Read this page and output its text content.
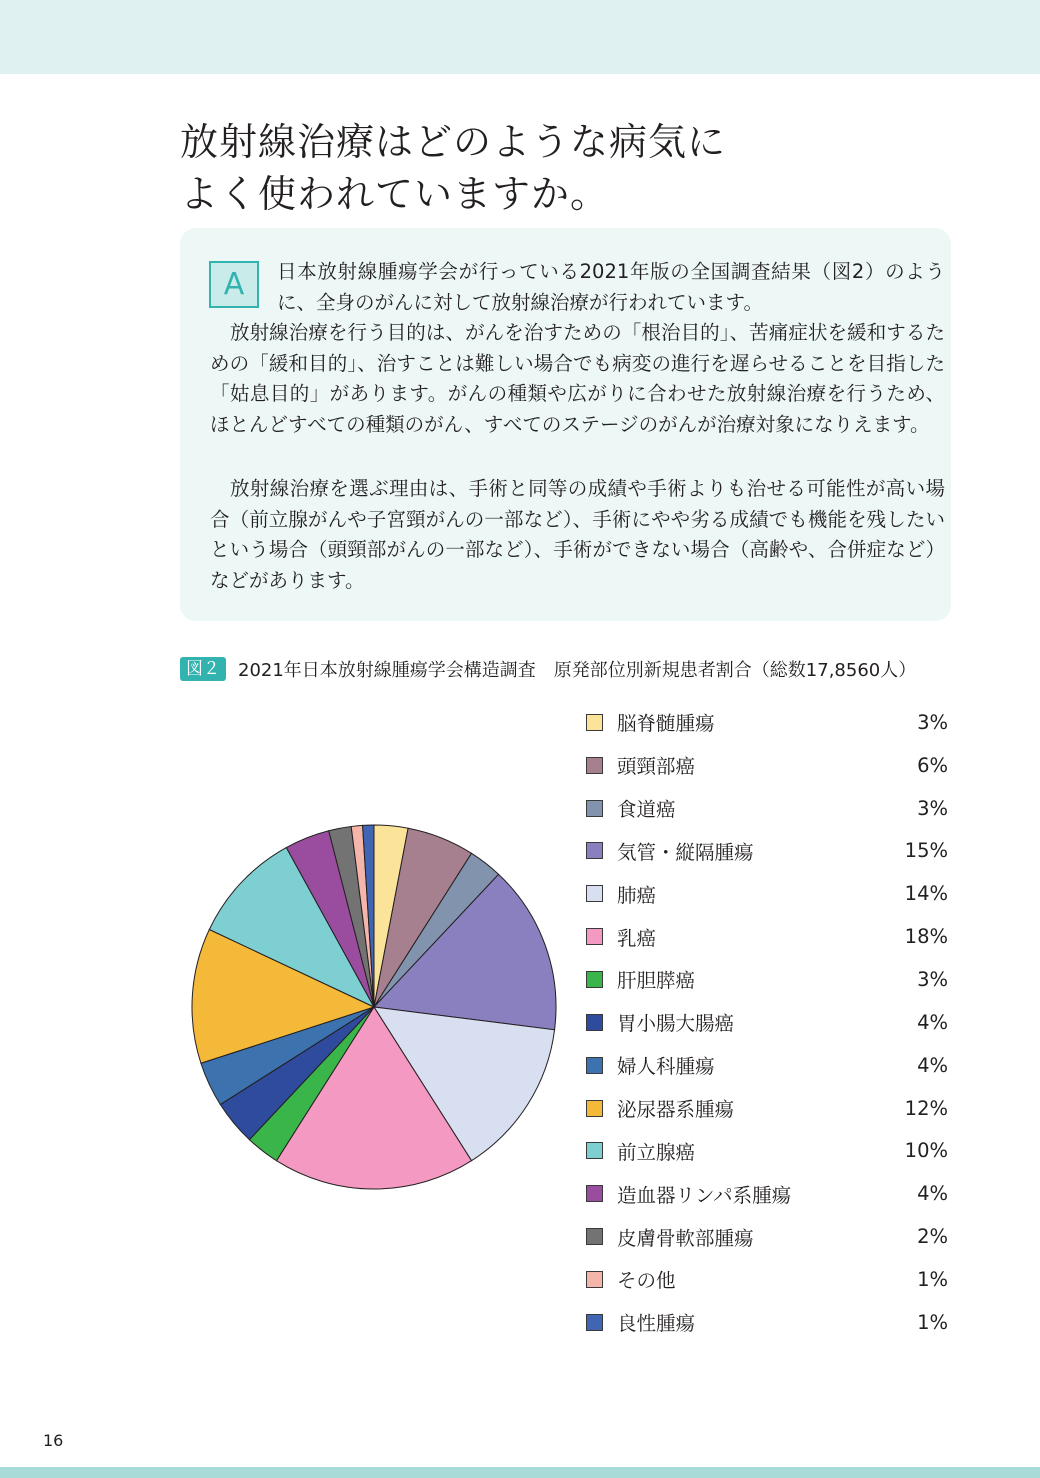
放射線治療はどのような病気に
よく使われていますか。
A	日本放射線腫瘍学会が行っている2021年版の全国調査結果（図2）のように、全身のがんに対して放射線治療が行われています。

放射線治療を行う目的は、がんを治すための「根治目的」、苦痛症状を緩和するための「緩和目的」、治すことは難しい場合でも病変の進行を遅らせることを目指した「姑息目的」があります。がんの種類や広がりに合わせた放射線治療を行うため、ほとんどすべての種類のがん、すべてのステージのがんが治療対象になりえます。

放射線治療を選ぶ理由は、手術と同等の成績や手術よりも治せる可能性が高い場合（前立腺がんや子宮頸がんの一部など）、手術にやや劣る成績でも機能を残したいという場合（頭頸部がんの一部など）、手術ができない場合（高齢や、合併症など）などがあります。

図２	2021年日本放射線腫瘍学会構造調査　原発部位別新規患者割合（総数17,8560人）
脳脊髄腫瘍	3%
頭頸部癌	6%
食道癌	3%
気管・縦隔腫瘍	15%
肺癌	14%
乳癌	18%
肝胆膵癌	3%
胃小腸大腸癌	4%
婦人科腫瘍	4%
泌尿器系腫瘍	12%
前立腺癌	10%
造血器リンパ系腫瘍	4%
皮膚骨軟部腫瘍	2%
その他	1%
良性腫瘍	1%
16
